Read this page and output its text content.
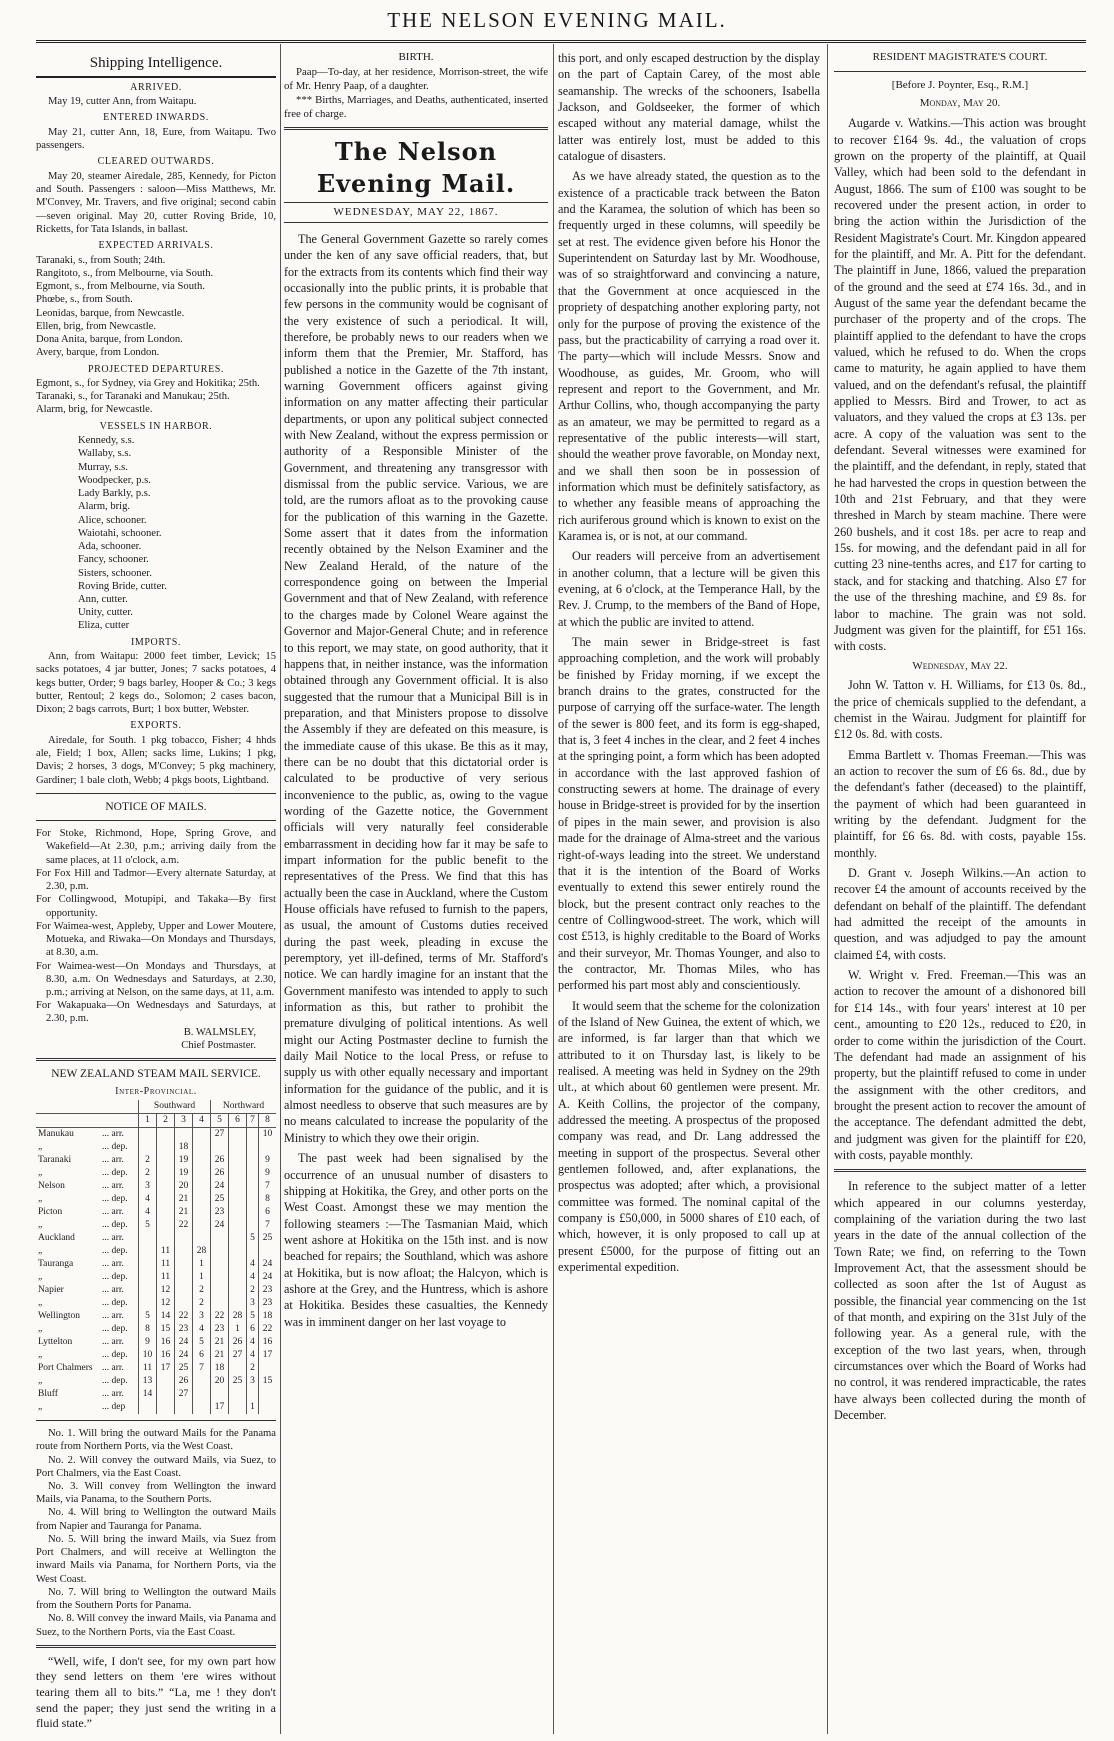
THE NELSON EVENING MAIL.
Shipping Intelligence.
ARRIVED.

May 19, cutter Ann, from Waitapu.

ENTERED INWARDS.

May 21, cutter Ann, 18, Eure, from Waitapu. Two passengers.

CLEARED OUTWARDS.

May 20, steamer Airedale, 285, Kennedy, for Picton and South. Passengers : saloon—Miss Matthews, Mr. M'Convey, Mr. Travers, and five original; second cabin—seven original. May 20, cutter Roving Bride, 10, Ricketts, for Tata Islands, in ballast.

EXPECTED ARRIVALS.

Taranaki, s., from South; 24th.

Rangitoto, s., from Melbourne, via South.

Egmont, s., from Melbourne, via South.

Phœbe, s., from South.

Leonidas, barque, from Newcastle.

Ellen, brig, from Newcastle.

Dona Anita, barque, from London.

Avery, barque, from London.

PROJECTED DEPARTURES.

Egmont, s., for Sydney, via Grey and Hokitika; 25th.

Taranaki, s., for Taranaki and Manukau; 25th.

Alarm, brig, for Newcastle.

VESSELS IN HARBOR.

Kennedy, s.s.

Wallaby, s.s.

Murray, s.s.

Woodpecker, p.s.

Lady Barkly, p.s.

Alarm, brig.

Alice, schooner.

Waiotahi, schooner.

Ada, schooner.

Fancy, schooner.

Sisters, schooner.

Roving Bride, cutter.

Ann, cutter.

Unity, cutter.

Eliza, cutter

IMPORTS.

Ann, from Waitapu: 2000 feet timber, Levick; 15 sacks potatoes, 4 jar butter, Jones; 7 sacks potatoes, 4 kegs butter, Order; 9 bags barley, Hooper & Co.; 3 kegs butter, Rentoul; 2 kegs do., Solomon; 2 cases bacon, Dixon; 2 bags carrots, Burt; 1 box butter, Webster.

EXPORTS.

Airedale, for South. 1 pkg tobacco, Fisher; 4 hhds ale, Field; 1 box, Allen; sacks lime, Lukins; 1 pkg, Davis; 2 horses, 3 dogs, M'Convey; 5 pkg machinery, Gardiner; 1 bale cloth, Webb; 4 pkgs boots, Lightband.

NOTICE OF MAILS.

For Stoke, Richmond, Hope, Spring Grove, and Wakefield—At 2.30, p.m.; arriving daily from the same places, at 11 o'clock, a.m.

For Fox Hill and Tadmor—Every alternate Saturday, at 2.30, p.m.

For Collingwood, Motupipi, and Takaka—By first opportunity.

For Waimea-west, Appleby, Upper and Lower Moutere, Motueka, and Riwaka—On Mondays and Thursdays, at 8.30, a.m.

For Waimea-west—On Mondays and Thursdays, at 8.30, a.m. On Wednesdays and Saturdays, at 2.30, p.m.; arriving at Nelson, on the same days, at 11, a.m.

For Wakapuaka—On Wednesdays and Saturdays, at 2.30, p.m.

B. WALMSLEY,

Chief Postmaster.

NEW ZEALAND STEAM MAIL SERVICE.
Inter-Provincial.
		Southward				Northward			
		1	2	3	4	5	6	7	8
Manukau	... arr.					27			10
„	... dep.			18					
Taranaki	... arr.	2		19		26			9
„	... dep.	2		19		26			9
Nelson	... arr.	3		20		24			7
„	... dep.	4		21		25			8
Picton	... arr.	4		21		23			6
„	... dep.	5		22		24			7
Auckland	... arr.							5	25
„	... dep.		11		28				
Tauranga	... arr.		11		1			4	24
„	... dep.		11		1			4	24
Napier	... arr.		12		2			2	23
„	... dep.		12		2			3	23
Wellington	... arr.	5	14	22	3	22	28	5	18
„	... dep.	8	15	23	4	23	1	6	22
Lyttelton	... arr.	9	16	24	5	21	26	4	16
„	... dep.	10	16	24	6	21	27	4	17
Port Chalmers	... arr.	11	17	25	7	18		2	
„	... dep.	13		26		20	25	3	15
Bluff	... arr.	14		27					
„	... dep					17		1	

No. 1. Will bring the outward Mails for the Panama route from Northern Ports, via the West Coast.

No. 2. Will convey the outward Mails, via Suez, to Port Chalmers, via the East Coast.

No. 3. Will convey from Wellington the inward Mails, via Panama, to the Southern Ports.

No. 4. Will bring to Wellington the outward Mails from Napier and Tauranga for Panama.

No. 5. Will bring the inward Mails, via Suez from Port Chalmers, and will receive at Wellington the inward Mails via Panama, for Northern Ports, via the West Coast.

No. 7. Will bring to Wellington the outward Mails from the Southern Ports for Panama.

No. 8. Will convey the inward Mails, via Panama and Suez, to the Northern Ports, via the East Coast.

“Well, wife, I don't see, for my own part how they send letters on them 'ere wires without tearing them all to bits.” “La, me ! they don't send the paper; they just send the writing in a fluid state.”

BIRTH.

Paap—To-day, at her residence, Morrison-street, the wife of Mr. Henry Paap, of a daughter.

*** Births, Marriages, and Deaths, authenticated, inserted free of charge.

The Nelson Evening Mail.
WEDNESDAY, MAY 22, 1867.

The General Government Gazette so rarely comes under the ken of any save official readers, that, but for the extracts from its contents which find their way occasionally into the public prints, it is probable that few persons in the community would be cognisant of the very existence of such a periodical. It will, therefore, be probably news to our readers when we inform them that the Premier, Mr. Stafford, has published a notice in the Gazette of the 7th instant, warning Government officers against giving information on any matter affecting their particular departments, or upon any political subject connected with New Zealand, without the express permission or authority of a Responsible Minister of the Government, and threatening any transgressor with dismissal from the public service. Various, we are told, are the rumors afloat as to the provoking cause for the publication of this warning in the Gazette. Some assert that it dates from the information recently obtained by the Nelson Examiner and the New Zealand Herald, of the nature of the correspondence going on between the Imperial Government and that of New Zealand, with reference to the charges made by Colonel Weare against the Governor and Major-General Chute; and in reference to this report, we may state, on good authority, that it happens that, in neither instance, was the information obtained through any Government official. It is also suggested that the rumour that a Municipal Bill is in preparation, and that Ministers propose to dissolve the Assembly if they are defeated on this measure, is the immediate cause of this ukase. Be this as it may, there can be no doubt that this dictatorial order is calculated to be productive of very serious inconvenience to the public, as, owing to the vague wording of the Gazette notice, the Government officials will very naturally feel considerable embarrassment in deciding how far it may be safe to impart information for the public benefit to the representatives of the Press. We find that this has actually been the case in Auckland, where the Custom House officials have refused to furnish to the papers, as usual, the amount of Customs duties received during the past week, pleading in excuse the peremptory, yet ill-defined, terms of Mr. Stafford's notice. We can hardly imagine for an instant that the Government manifesto was intended to apply to such information as this, but rather to prohibit the premature divulging of political intentions. As well might our Acting Postmaster decline to furnish the daily Mail Notice to the local Press, or refuse to supply us with other equally necessary and important information for the guidance of the public, and it is almost needless to observe that such measures are by no means calculated to increase the popularity of the Ministry to which they owe their origin.

The past week had been signalised by the occurrence of an unusual number of disasters to shipping at Hokitika, the Grey, and other ports on the West Coast. Amongst these we may mention the following steamers :—The Tasmanian Maid, which went ashore at Hokitika on the 15th inst. and is now beached for repairs; the Southland, which was ashore at Hokitika, but is now afloat; the Halcyon, which is ashore at the Grey, and the Huntress, which is ashore at Hokitika. Besides these casualties, the Kennedy was in imminent danger on her last voyage to

this port, and only escaped destruction by the display on the part of Captain Carey, of the most able seamanship. The wrecks of the schooners, Isabella Jackson, and Goldseeker, the former of which escaped without any material damage, whilst the latter was entirely lost, must be added to this catalogue of disasters.

As we have already stated, the question as to the existence of a practicable track between the Baton and the Karamea, the solution of which has been so frequently urged in these columns, will speedily be set at rest. The evidence given before his Honor the Superintendent on Saturday last by Mr. Woodhouse, was of so straightforward and convincing a nature, that the Government at once acquiesced in the propriety of despatching another exploring party, not only for the purpose of proving the existence of the pass, but the practicability of carrying a road over it. The party—which will include Messrs. Snow and Woodhouse, as guides, Mr. Groom, who will represent and report to the Government, and Mr. Arthur Collins, who, though accompanying the party as an amateur, we may be permitted to regard as a representative of the public interests—will start, should the weather prove favorable, on Monday next, and we shall then soon be in possession of information which must be definitely satisfactory, as to whether any feasible means of approaching the rich auriferous ground which is known to exist on the Karamea is, or is not, at our command.

Our readers will perceive from an advertisement in another column, that a lecture will be given this evening, at 6 o'clock, at the Temperance Hall, by the Rev. J. Crump, to the members of the Band of Hope, at which the public are invited to attend.

The main sewer in Bridge-street is fast approaching completion, and the work will probably be finished by Friday morning, if we except the branch drains to the grates, constructed for the purpose of carrying off the surface-water. The length of the sewer is 800 feet, and its form is egg-shaped, that is, 3 feet 4 inches in the clear, and 2 feet 4 inches at the springing point, a form which has been adopted in accordance with the last approved fashion of constructing sewers at home. The drainage of every house in Bridge-street is provided for by the insertion of pipes in the main sewer, and provision is also made for the drainage of Alma-street and the various right-of-ways leading into the street. We understand that it is the intention of the Board of Works eventually to extend this sewer entirely round the block, but the present contract only reaches to the centre of Collingwood-street. The work, which will cost £513, is highly creditable to the Board of Works and their surveyor, Mr. Thomas Younger, and also to the contractor, Mr. Thomas Miles, who has performed his part most ably and conscientiously.

It would seem that the scheme for the colonization of the Island of New Guinea, the extent of which, we are informed, is far larger than that which we attributed to it on Thursday last, is likely to be realised. A meeting was held in Sydney on the 29th ult., at which about 60 gentlemen were present. Mr. A. Keith Collins, the projector of the company, addressed the meeting. A prospectus of the proposed company was read, and Dr. Lang addressed the meeting in support of the prospectus. Several other gentlemen followed, and, after explanations, the prospectus was adopted; after which, a provisional committee was formed. The nominal capital of the company is £50,000, in 5000 shares of £10 each, of which, however, it is only proposed to call up at present £5000, for the purpose of fitting out an experimental expedition.

RESIDENT MAGISTRATE'S COURT.
[Before J. Poynter, Esq., R.M.]
Monday, May 20.

Augarde v. Watkins.—This action was brought to recover £164 9s. 4d., the valuation of crops grown on the property of the plaintiff, at Quail Valley, which had been sold to the defendant in August, 1866. The sum of £100 was sought to be recovered under the present action, in order to bring the action within the Jurisdiction of the Resident Magistrate's Court. Mr. Kingdon appeared for the plaintiff, and Mr. A. Pitt for the defendant. The plaintiff in June, 1866, valued the preparation of the ground and the seed at £74 16s. 3d., and in August of the same year the defendant became the purchaser of the property and of the crops. The plaintiff applied to the defendant to have the crops valued, which he refused to do. When the crops came to maturity, he again applied to have them valued, and on the defendant's refusal, the plaintiff applied to Messrs. Bird and Trower, to act as valuators, and they valued the crops at £3 13s. per acre. A copy of the valuation was sent to the defendant. Several witnesses were examined for the plaintiff, and the defendant, in reply, stated that he had harvested the crops in question between the 10th and 21st February, and that they were threshed in March by steam machine. There were 260 bushels, and it cost 18s. per acre to reap and 15s. for mowing, and the defendant paid in all for cutting 23 nine-tenths acres, and £17 for carting to stack, and for stacking and thatching. Also £7 for the use of the threshing machine, and £9 8s. for labor to machine. The grain was not sold. Judgment was given for the plaintiff, for £51 16s. with costs.

Wednesday, May 22.

John W. Tatton v. H. Williams, for £13 0s. 8d., the price of chemicals supplied to the defendant, a chemist in the Wairau. Judgment for plaintiff for £12 0s. 8d. with costs.

Emma Bartlett v. Thomas Freeman.—This was an action to recover the sum of £6 6s. 8d., due by the defendant's father (deceased) to the plaintiff, the payment of which had been guaranteed in writing by the defendant. Judgment for the plaintiff, for £6 6s. 8d. with costs, payable 15s. monthly.

D. Grant v. Joseph Wilkins.—An action to recover £4 the amount of accounts received by the defendant on behalf of the plaintiff. The defendant had admitted the receipt of the amounts in question, and was adjudged to pay the amount claimed £4, with costs.

W. Wright v. Fred. Freeman.—This was an action to recover the amount of a dishonored bill for £14 14s., with four years' interest at 10 per cent., amounting to £20 12s., reduced to £20, in order to come within the jurisdiction of the Court. The defendant had made an assignment of his property, but the plaintiff refused to come in under the assignment with the other creditors, and brought the present action to recover the amount of the acceptance. The defendant admitted the debt, and judgment was given for the plaintiff for £20, with costs, payable monthly.

In reference to the subject matter of a letter which appeared in our columns yesterday, complaining of the variation during the two last years in the date of the annual collection of the Town Rate; we find, on referring to the Town Improvement Act, that the assessment should be collected as soon after the 1st of August as possible, the financial year commencing on the 1st of that month, and expiring on the 31st July of the following year. As a general rule, with the exception of the two last years, when, through circumstances over which the Board of Works had no control, it was rendered impracticable, the rates have always been collected during the month of December.
